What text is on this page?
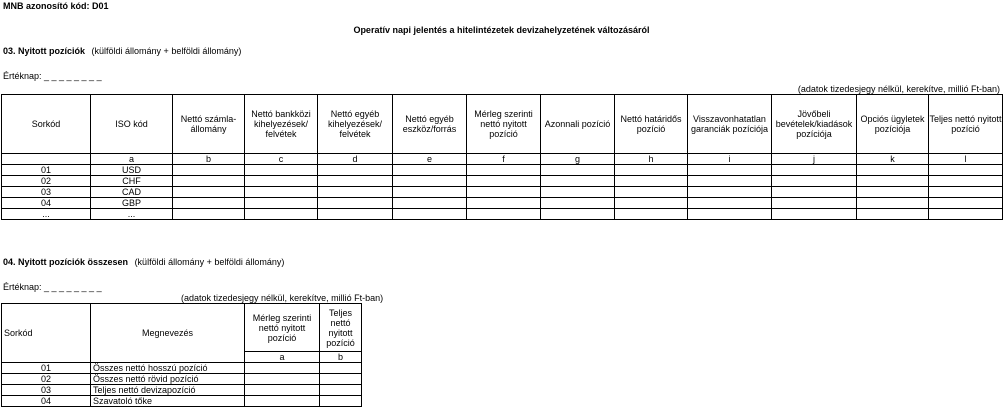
MNB azonosító kód: D01
Operatív napi jelentés a hitelintézetek devizahelyzetének változásáról
03. Nyitott pozíciók (külföldi állomány + belföldi állomány)
Értéknap: _ _ _ _ _ _ _ _
(adatok tizedesjegy nélkül, kerekítve, millió Ft-ban)
Sorkód	ISO kód	Nettó számla-állomány	Nettó bankközi kihelyezések/ felvétek	Nettó egyéb kihelyezések/ felvétek	Nettó egyéb eszköz/forrás	Mérleg szerinti nettó nyitott pozíció	Azonnali pozíció	Nettó határidős pozíció	Visszavonhatatlan garanciák pozíciója	Jövőbeli bevételek/kiadások pozíciója	Opciós ügyletek pozíciója	Teljes nettó nyitott pozíció
	a	b	c	d	e	f	g	h	i	j	k	l
01	USD											
02	CHF											
03	CAD											
04	GBP											
...	...											
04. Nyitott pozíciók összesen (külföldi állomány + belföldi állomány)
Értéknap: _ _ _ _ _ _ _ _
(adatok tizedesjegy nélkül, kerekítve, millió Ft-ban)
Sorkód	Megnevezés	Mérleg szerinti nettó nyitott pozíció	Teljes nettó nyitott pozíció
		a	b
01	Összes nettó hosszú pozíció		
02	Összes nettó rövid pozíció		
03	Teljes nettó devizapozíció		
04	Szavatoló tőke		
